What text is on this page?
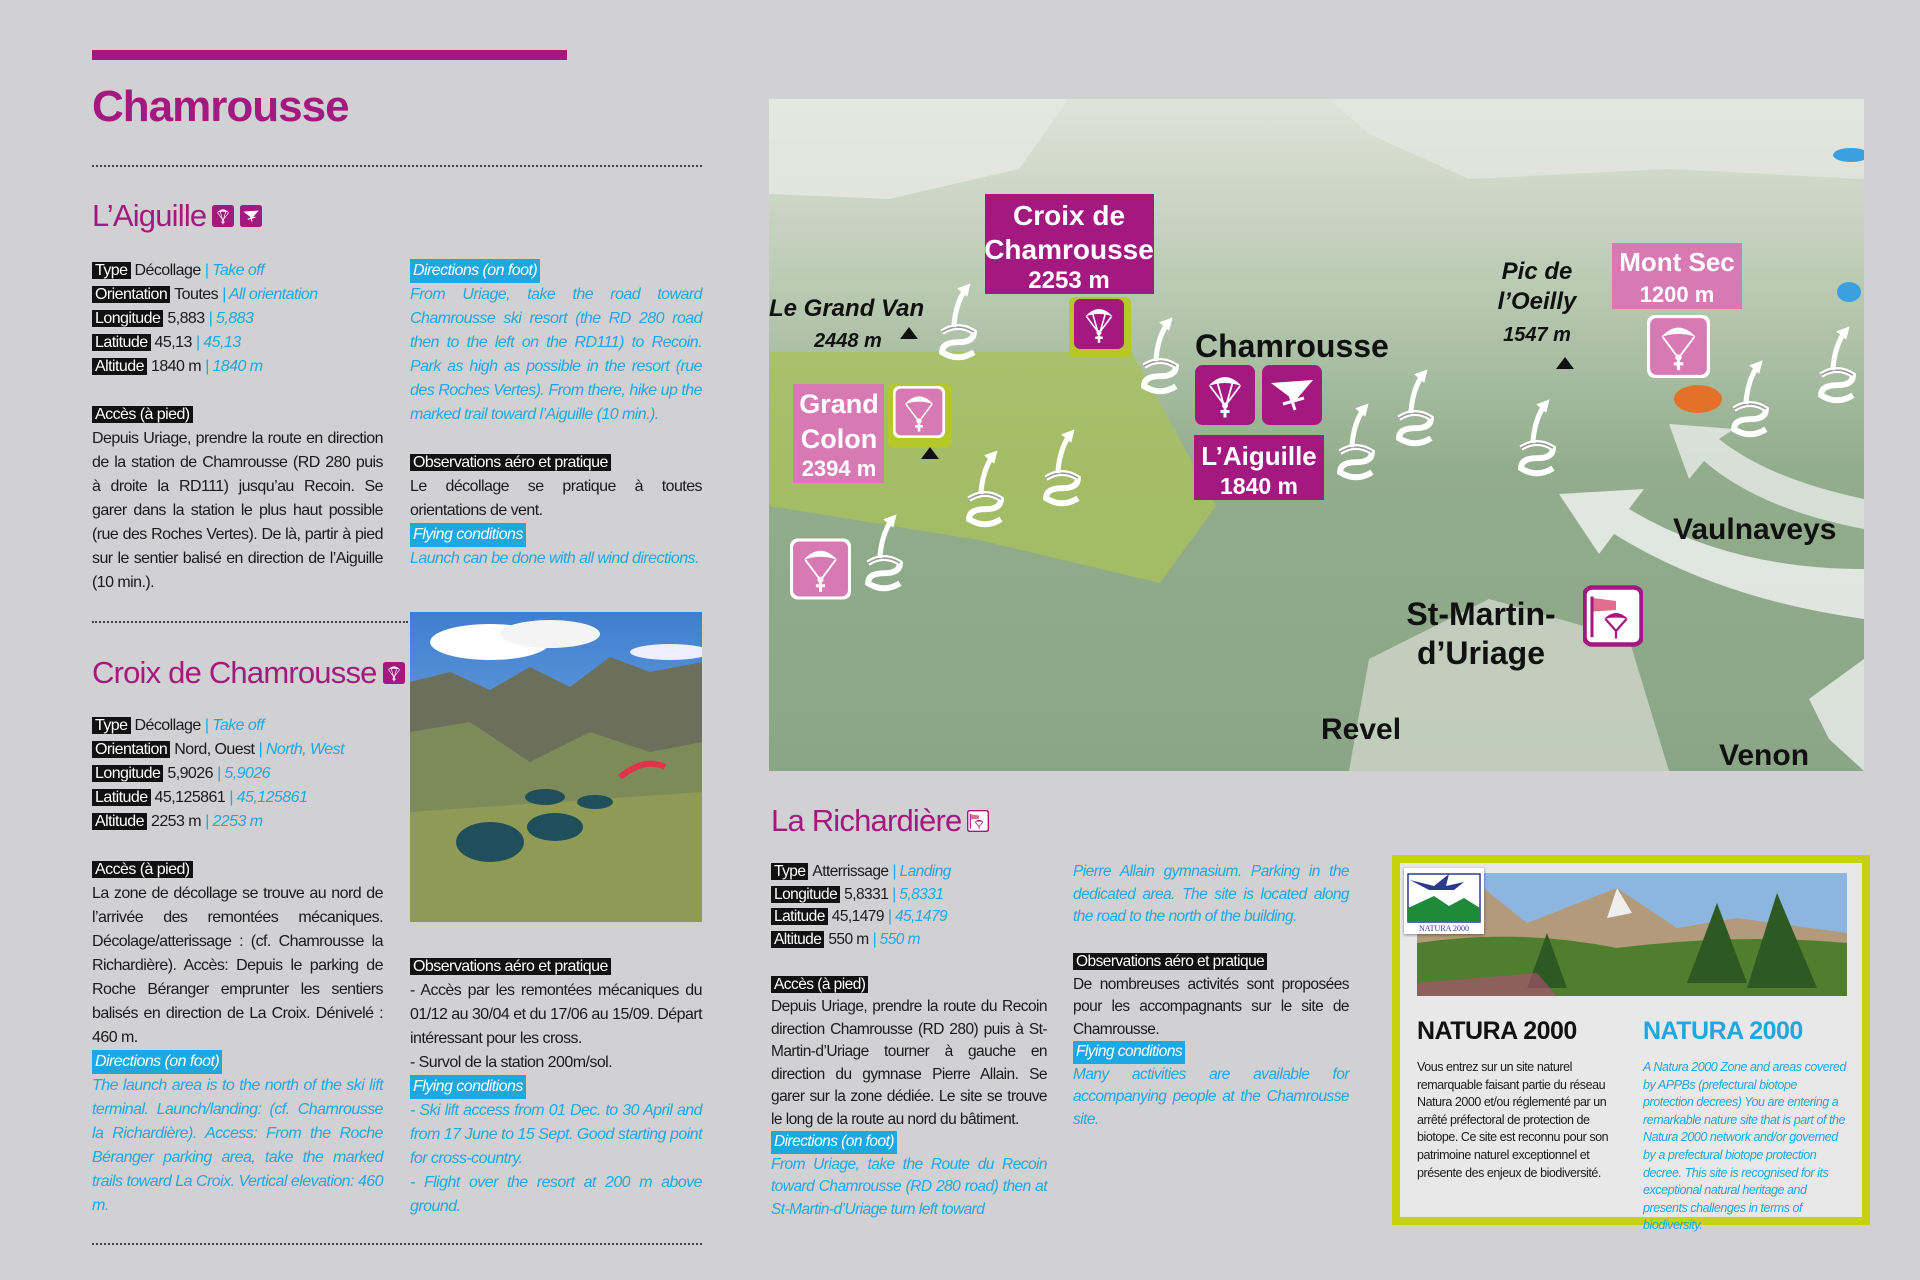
Chamrousse
L’Aiguille
Type Décollage | Take off
Orientation Toutes | All orientation
Longitude 5,883 | 5,883
Latitude 45,13 | 45,13
Altitude 1840 m | 1840 m
Accès (à pied)

Depuis Uriage, prendre la route en direction de la station de Chamrousse (RD 280 puis à droite la RD111) jusqu’au Recoin. Se garer dans la station le plus haut possible (rue des Roches Vertes). De là, partir à pied sur le sentier balisé en direction de l’Aiguille (10 min.).

Directions (on foot)

From Uriage, take the road toward Chamrousse ski resort (the RD 280 road then to the left on the RD111) to Recoin. Park as high as possible in the resort (rue des Roches Vertes). From there, hike up the marked trail toward l’Aiguille (10 min.).

Observations aéro et pratique

Le décollage se pratique à toutes orientations de vent.

Flying conditions

Launch can be done with all wind directions.

Croix de Chamrousse
Type Décollage | Take off
Orientation Nord, Ouest | North, West
Longitude 5,9026 | 5,9026
Latitude 45,125861 | 45,125861
Altitude 2253 m | 2253 m
Accès (à pied)

La zone de décollage se trouve au nord de l’arrivée des remontées mécaniques. Décolage/atterissage : (cf. Chamrousse la Richardière). Accès: Depuis le parking de Roche Béranger emprunter les sentiers balisés en direction de La Croix. Dénivelé : 460 m.

Directions (on foot)

The launch area is to the north of the ski lift terminal. Launch/landing: (cf. Chamrousse la Richardière). Access: From the Roche Béranger parking area, take the marked trails toward La Croix. Vertical elevation: 460 m.

Observations aéro et pratique

- Accès par les remontées mécaniques du 01/12 au 30/04 et du 17/06 au 15/09. Départ intéressant pour les cross.

- Survol de la station 200m/sol.

Flying conditions

- Ski lift access from 01 Dec. to 30 April and from 17 June to 15 Sept. Good starting point for cross-country.

- Flight over the resort at 200 m above ground.

Croix de
Chamrousse
2253 m
Le Grand Van
2448 m	Chamrousse
L’Aiguille
1840 m
Grand
Colon
2394 m
Pic de
l’Oeilly
1547 m
Mont Sec
1200 m
Vaulnaveys
St-Martin-
d’Uriage
Revel
Venon
La Richardière
Type Atterrissage | Landing
Longitude 5,8331 | 5,8331
Latitude 45,1479 | 45,1479
Altitude 550 m | 550 m
Accès (à pied)

Depuis Uriage, prendre la route du Recoin direction Chamrousse (RD 280) puis à St-Martin-d’Uriage tourner à gauche en direction du gymnase Pierre Allain. Se garer sur la zone dédiée. Le site se trouve le long de la route au nord du bâtiment.

Directions (on foot)

From Uriage, take the Route du Recoin toward Chamrousse (RD 280 road) then at St-Martin-d’Uriage turn left toward

Pierre Allain gymnasium. Parking in the dedicated area. The site is located along the road to the north of the building.

Observations aéro et pratique

De nombreuses activités sont proposées pour les accompagnants sur le site de Chamrousse.

Flying conditions

Many activities are available for accompanying people at the Chamrousse site.

NATURA 2000
NATURA 2000	NATURA 2000

Vous entrez sur un site naturel remarquable faisant partie du réseau Natura 2000 et/ou réglementé par un arrêté préfectoral de protection de biotope. Ce site est reconnu pour son patrimoine naturel exceptionnel et présente des enjeux de biodiversité.

A Natura 2000 Zone and areas covered by APPBs (prefectural biotope protection decrees) You are entering a remarkable nature site that is part of the Natura 2000 network and/or governed by a prefectural biotope protection decree. This site is recognised for its exceptional natural heritage and presents challenges in terms of biodiversity.
